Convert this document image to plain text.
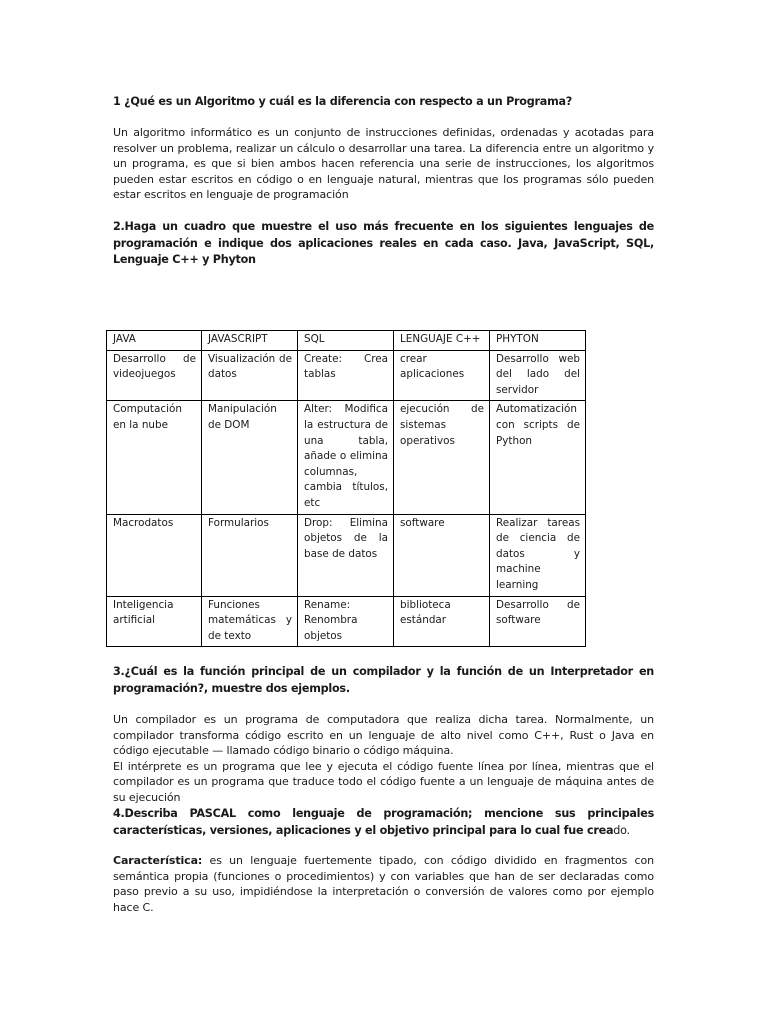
1 ¿Qué es un Algoritmo y cuál es la diferencia con respecto a un Programa?

Un algoritmo informático es un conjunto de instrucciones definidas, ordenadas y acotadas para resolver un problema, realizar un cálculo o desarrollar una tarea. La diferencia entre un algoritmo y un programa, es que si bien ambos hacen referencia una serie de instrucciones, los algoritmos pueden estar escritos en código o en lenguaje natural, mientras que los programas sólo pueden estar escritos en lenguaje de programación

2.Haga un cuadro que muestre el uso más frecuente en los siguientes lenguajes de programación e indique dos aplicaciones reales en cada caso. Java, JavaScript, SQL, Lenguaje C++ y Phyton

JAVA	JAVASCRIPT	SQL	LENGUAJE C++	PHYTON
Desarrollo de videojuegos	Visualización de datos	Create: Crea tablas	crear aplicaciones	Desarrollo web del lado del servidor
Computación en la nube	Manipulación de DOM	Alter: Modifica la estructura de una tabla, añade o elimina columnas, cambia títulos, etc	ejecución de sistemas operativos	Automatización con scripts de Python
Macrodatos	Formularios	Drop: Elimina objetos de la base de datos	software	Realizar tareas de ciencia de datos y machine learning
Inteligencia artificial	Funciones matemáticas y de texto	Rename: Renombra objetos	biblioteca estándar	Desarrollo de software

3.¿Cuál es la función principal de un compilador y la función de un Interpretador en programación?, muestre dos ejemplos.

Un compilador es un programa de computadora que realiza dicha tarea. Normalmente, un compilador transforma código escrito en un lenguaje de alto nivel como C++, Rust o Java en código ejecutable — llamado código binario o código máquina.
El intérprete es un programa que lee y ejecuta el código fuente línea por línea, mientras que el compilador es un programa que traduce todo el código fuente a un lenguaje de máquina antes de su ejecución

4.Describa PASCAL como lenguaje de programación; mencione sus principales características, versiones, aplicaciones y el objetivo principal para lo cual fue creado.

Característica: es un lenguaje fuertemente tipado, con código dividido en fragmentos con semántica propia (funciones o procedimientos) y con variables que han de ser declaradas como paso previo a su uso, impidiéndose la interpretación o conversión de valores como por ejemplo hace C.
